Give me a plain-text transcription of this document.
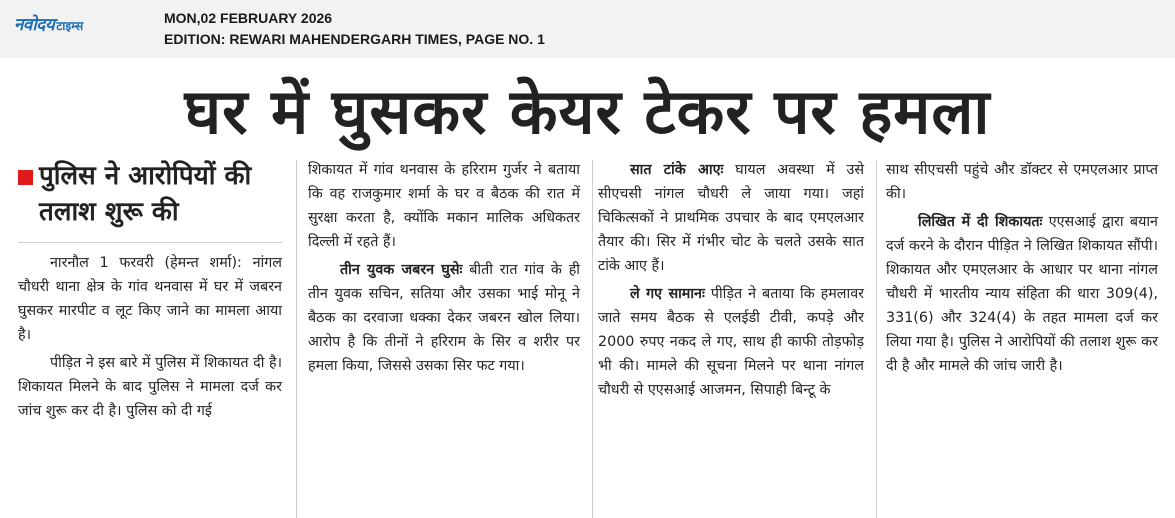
नवोदय टाइम्स	MON,02 FEBRUARY 2026
EDITION: REWARI MAHENDERGARH TIMES, PAGE NO. 1
घर में घुसकर केयर टेकर पर हमला
पुलिस ने आरोपियों की तलाश शुरू की

नारनौल 1 फरवरी (हेमन्त शर्मा): नांगल चौधरी थाना क्षेत्र के गांव थनवास में घर में जबरन घुसकर मारपीट व लूट किए जाने का मामला आया है।

पीड़ित ने इस बारे में पुलिस में शिकायत दी है। शिकायत मिलने के बाद पुलिस ने मामला दर्ज कर जांच शुरू कर दी है। पुलिस को दी गई

शिकायत में गांव थनवास के हरिराम गुर्जर ने बताया कि वह राजकुमार शर्मा के घर व बैठक की रात में सुरक्षा करता है, क्योंकि मकान मालिक अधिकतर दिल्ली में रहते हैं।

तीन युवक जबरन घुसेः बीती रात गांव के ही तीन युवक सचिन, सतिया और उसका भाई मोनू ने बैठक का दरवाजा धक्का देकर जबरन खोल लिया। आरोप है कि तीनों ने हरिराम के सिर व शरीर पर हमला किया, जिससे उसका सिर फट गया।

सात टांके आएः घायल अवस्था में उसे सीएचसी नांगल चौधरी ले जाया गया। जहां चिकित्सकों ने प्राथमिक उपचार के बाद एमएलआर तैयार की। सिर में गंभीर चोट के चलते उसके सात टांके आए हैं।

ले गए सामानः पीड़ित ने बताया कि हमलावर जाते समय बैठक से एलईडी टीवी, कपड़े और 2000 रुपए नकद ले गए, साथ ही काफी तोड़फोड़ भी की। मामले की सूचना मिलने पर थाना नांगल चौधरी से एएसआई आजमन, सिपाही बिन्टू के

साथ सीएचसी पहुंचे और डॉक्टर से एमएलआर प्राप्त की।

लिखित में दी शिकायतः एएसआई द्वारा बयान दर्ज करने के दौरान पीड़ित ने लिखित शिकायत सौंपी। शिकायत और एमएलआर के आधार पर थाना नांगल चौधरी में भारतीय न्याय संहिता की धारा 309(4), 331(6) और 324(4) के तहत मामला दर्ज कर लिया गया है। पुलिस ने आरोपियों की तलाश शुरू कर दी है और मामले की जांच जारी है।
